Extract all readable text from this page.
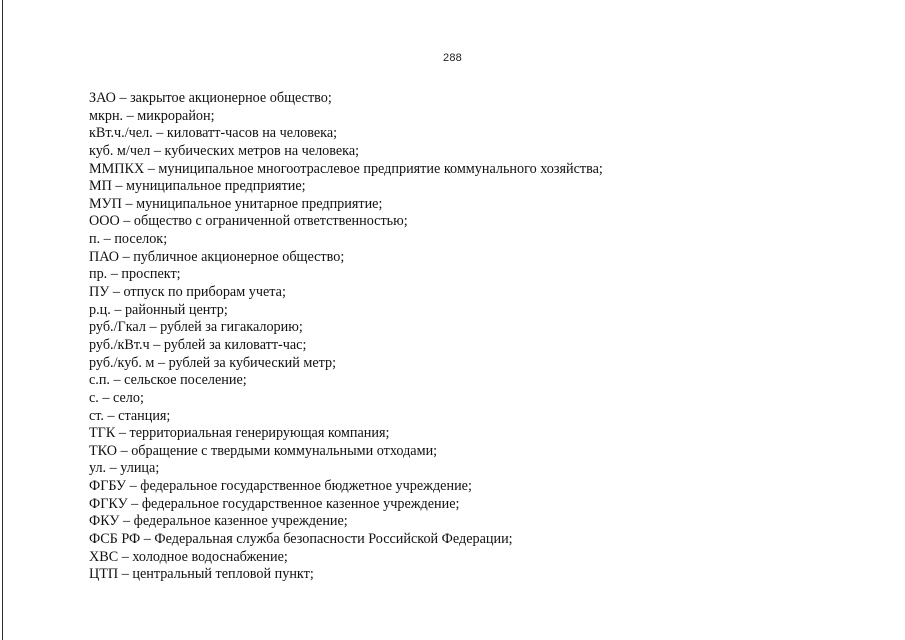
288
ЗАО – закрытое акционерное общество;
мкрн. – микрорайон;
кВт.ч./чел. – киловатт-часов на человека;
куб. м/чел – кубических метров на человека;
ММПКХ – муниципальное многоотраслевое предприятие коммунального хозяйства;
МП – муниципальное предприятие;
МУП – муниципальное унитарное предприятие;
ООО – общество с ограниченной ответственностью;
п. – поселок;
ПАО – публичное акционерное общество;
пр. – проспект;
ПУ – отпуск по приборам учета;
р.ц. – районный центр;
руб./Гкал – рублей за гигакалорию;
руб./кВт.ч – рублей за киловатт-час;
руб./куб. м – рублей за кубический метр;
с.п. – сельское поселение;
с. – село;
ст. – станция;
ТГК – территориальная генерирующая компания;
ТКО – обращение с твердыми коммунальными отходами;
ул. – улица;
ФГБУ – федеральное государственное бюджетное учреждение;
ФГКУ – федеральное государственное казенное учреждение;
ФКУ – федеральное казенное учреждение;
ФСБ РФ – Федеральная служба безопасности Российской Федерации;
ХВС – холодное водоснабжение;
ЦТП – центральный тепловой пункт;
